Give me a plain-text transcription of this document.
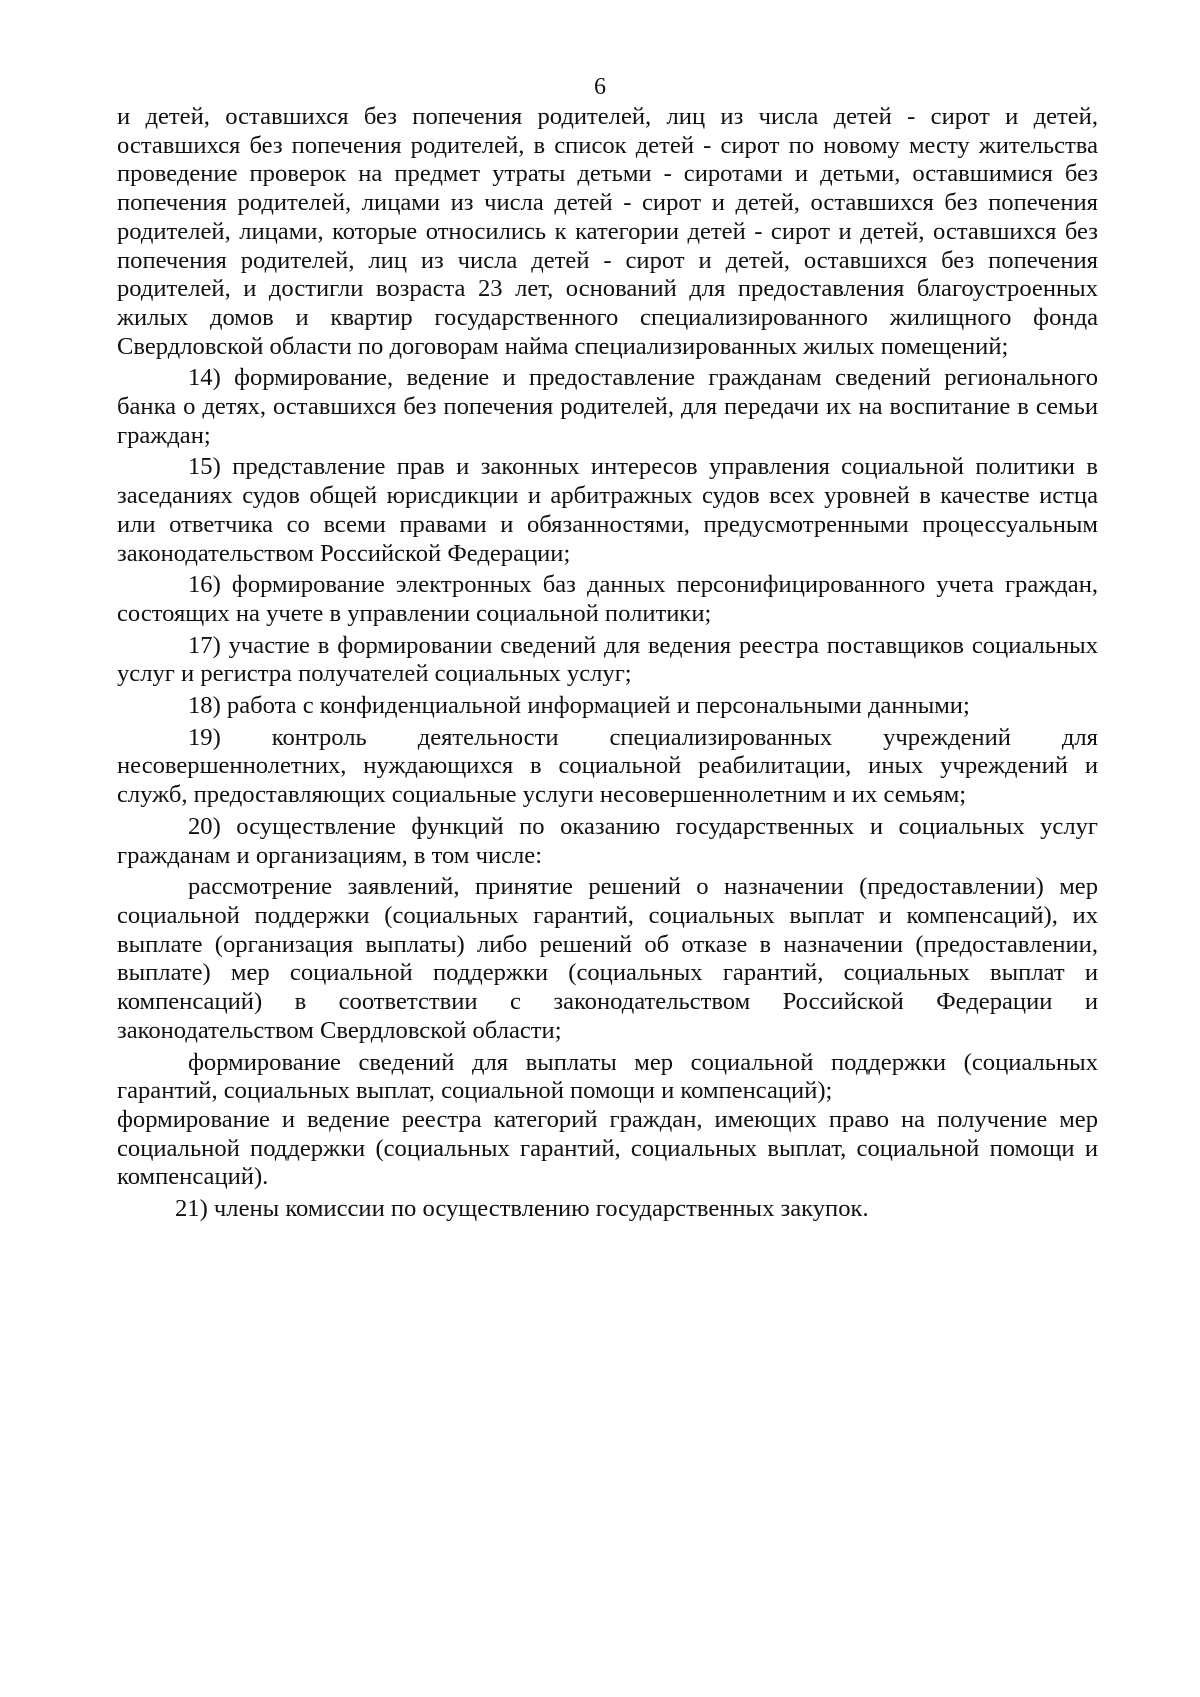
6

и детей, оставшихся без попечения родителей, лиц из числа детей - сирот и детей, оставшихся без попечения родителей, в список детей - сирот по новому месту жительства проведение проверок на предмет утраты детьми - сиротами и детьми, оставшимися без попечения родителей, лицами из числа детей - сирот и детей, оставшихся без попечения родителей, лицами, которые относились к категории детей - сирот и детей, оставшихся без попечения родителей, лиц из числа детей - сирот и детей, оставшихся без попечения родителей, и достигли возраста 23 лет, оснований для предоставления благоустроенных жилых домов и квартир государственного специализированного жилищного фонда Свердловской области по договорам найма специализированных жилых помещений;

14) формирование, ведение и предоставление гражданам сведений регионального банка о детях, оставшихся без попечения родителей, для передачи их на воспитание в семьи граждан;

15) представление прав и законных интересов управления социальной политики в заседаниях судов общей юрисдикции и арбитражных судов всех уровней в качестве истца или ответчика со всеми правами и обязанностями, предусмотренными процессуальным законодательством Российской Федерации;

16) формирование электронных баз данных персонифицированного учета граждан, состоящих на учете в управлении социальной политики;

17) участие в формировании сведений для ведения реестра поставщиков социальных услуг и регистра получателей социальных услуг;

18) работа с конфиденциальной информацией и персональными данными;

19) контроль деятельности специализированных учреждений для несовершеннолетних, нуждающихся в социальной реабилитации, иных учреждений и служб, предоставляющих социальные услуги несовершеннолетним и их семьям;

20) осуществление функций по оказанию государственных и социальных услуг гражданам и организациям, в том числе:

рассмотрение заявлений, принятие решений о назначении (предоставлении) мер социальной поддержки (социальных гарантий, социальных выплат и компенсаций), их выплате (организация выплаты) либо решений об отказе в назначении (предоставлении, выплате) мер социальной поддержки (социальных гарантий, социальных выплат и компенсаций) в соответствии с законодательством Российской Федерации и законодательством Свердловской области;

формирование сведений для выплаты мер социальной поддержки (социальных гарантий, социальных выплат, социальной помощи и компенсаций);

формирование и ведение реестра категорий граждан, имеющих право на получение мер социальной поддержки (социальных гарантий, социальных выплат, социальной помощи и компенсаций).

21) члены комиссии по осуществлению государственных закупок.
